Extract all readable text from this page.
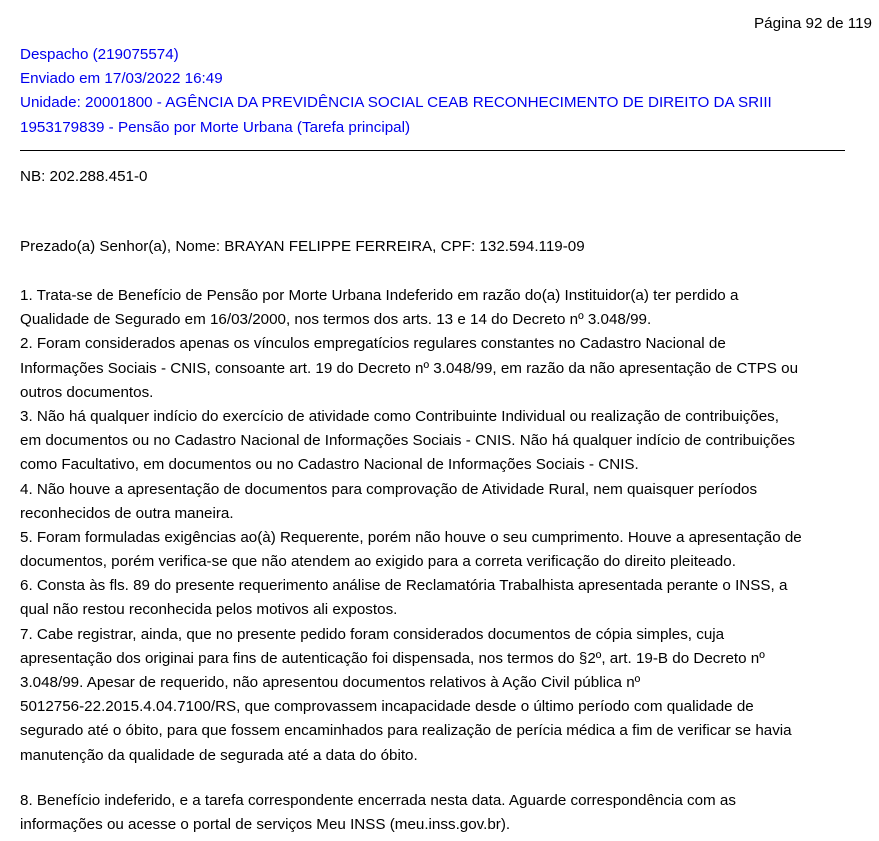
Página 92 de 119
Despacho (219075574)
Enviado em 17/03/2022 16:49
Unidade: 20001800 - AGÊNCIA DA PREVIDÊNCIA SOCIAL CEAB RECONHECIMENTO DE DIREITO DA SRIII
1953179839 - Pensão por Morte Urbana (Tarefa principal)
NB: 202.288.451-0
Prezado(a) Senhor(a), Nome: BRAYAN FELIPPE FERREIRA, CPF: 132.594.119-09
1. Trata-se de Benefício de Pensão por Morte Urbana Indeferido em razão do(a) Instituidor(a) ter perdido a
Qualidade de Segurado em 16/03/2000, nos termos dos arts. 13 e 14 do Decreto nº 3.048/99.
2. Foram considerados apenas os vínculos empregatícios regulares constantes no Cadastro Nacional de
Informações Sociais - CNIS, consoante art. 19 do Decreto nº 3.048/99, em razão da não apresentação de CTPS ou
outros documentos.
3. Não há qualquer indício do exercício de atividade como Contribuinte Individual ou realização de contribuições,
em documentos ou no Cadastro Nacional de Informações Sociais - CNIS. Não há qualquer indício de contribuições
como Facultativo, em documentos ou no Cadastro Nacional de Informações Sociais - CNIS.
4. Não houve a apresentação de documentos para comprovação de Atividade Rural, nem quaisquer períodos
reconhecidos de outra maneira.
5. Foram formuladas exigências ao(à) Requerente, porém não houve o seu cumprimento. Houve a apresentação de
documentos, porém verifica-se que não atendem ao exigido para a correta verificação do direito pleiteado.
6. Consta às fls. 89 do presente requerimento análise de Reclamatória Trabalhista apresentada perante o INSS, a
qual não restou reconhecida pelos motivos ali expostos.
7. Cabe registrar, ainda, que no presente pedido foram considerados documentos de cópia simples, cuja
apresentação dos originai para fins de autenticação foi dispensada, nos termos do §2º, art. 19-B do Decreto nº
3.048/99. Apesar de requerido, não apresentou documentos relativos à Ação Civil pública nº
5012756-22.2015.4.04.7100/RS, que comprovassem incapacidade desde o último período com qualidade de
segurado até o óbito, para que fossem encaminhados para realização de perícia médica a fim de verificar se havia
manutenção da qualidade de segurada até a data do óbito.
8. Benefício indeferido, e a tarefa correspondente encerrada nesta data. Aguarde correspondência com as
informações ou acesse o portal de serviços Meu INSS (meu.inss.gov.br).
